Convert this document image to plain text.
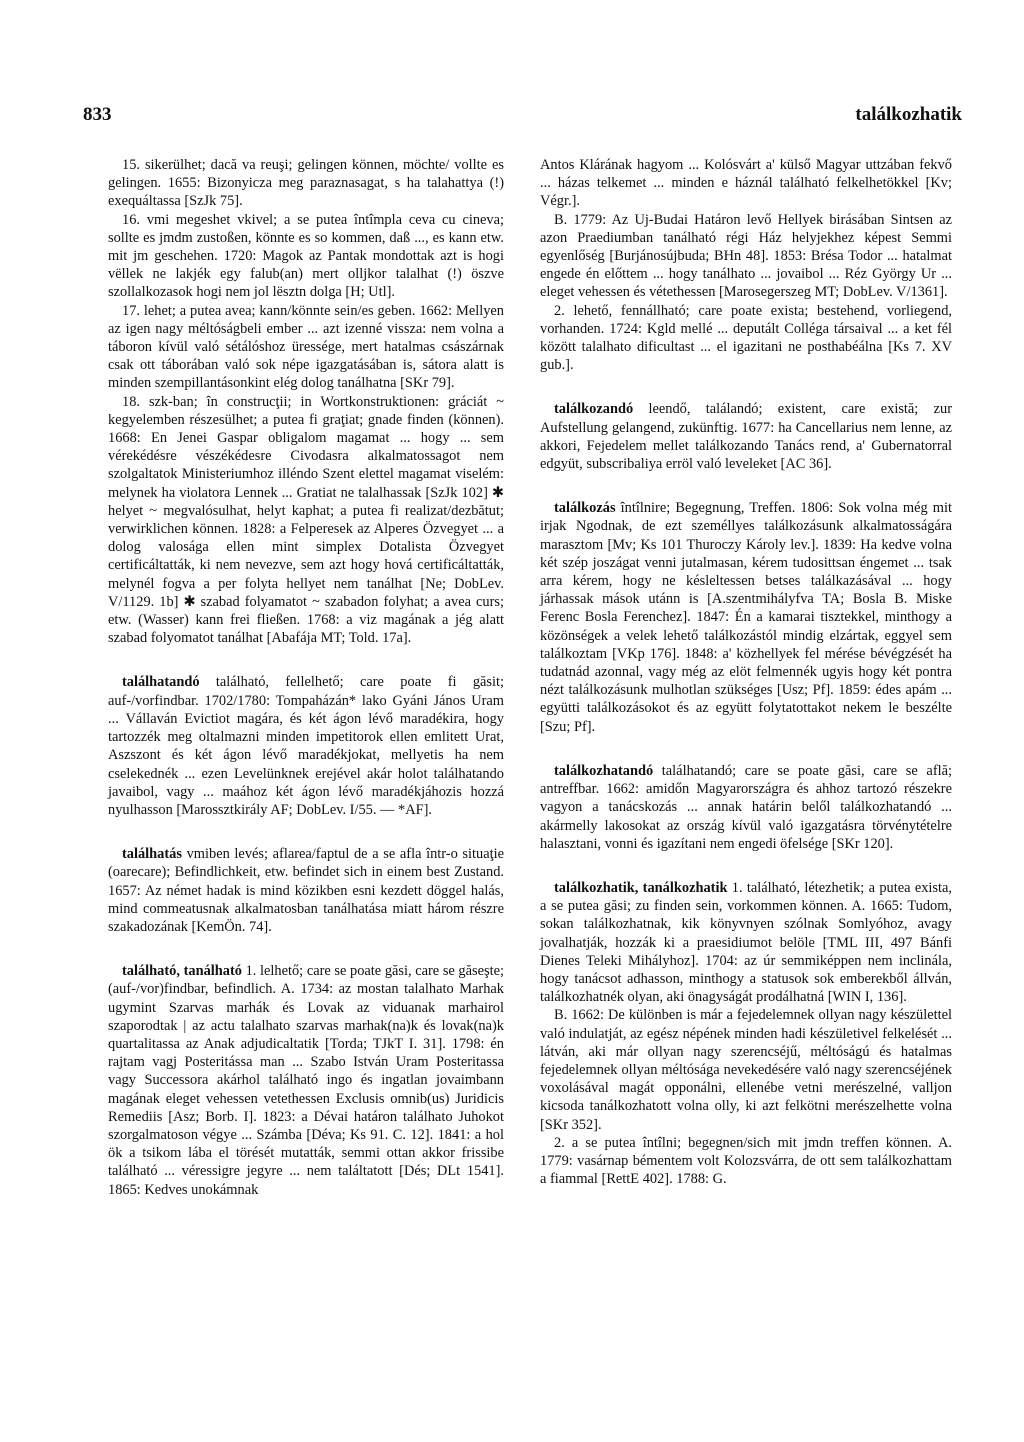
833	találkozhatik

15. sikerülhet; dacă va reuşi; gelingen können, möchte/ vollte es gelingen. 1655: Bizonyicza meg paraznasagat, s ha talahattya (!) exequáltassa [SzJk 75].

16. vmi megeshet vkivel; a se putea întîmpla ceva cu cineva; sollte es jmdm zustoßen, könnte es so kommen, daß ..., es kann etw. mit jm geschehen. 1720: Magok az Pantak mondottak azt is hogi vëllek ne lakjék egy falub(an) mert olljkor talalhat (!) öszve szollalkozasok hogi nem jol lësztn dolga [H; Utl].

17. lehet; a putea avea; kann/könnte sein/es geben. 1662: Mellyen az igen nagy méltóságbeli ember ... azt izenné vissza: nem volna a táboron kívül való sétálóshoz üressége, mert hatalmas császárnak csak ott táborában való sok népe igazgatásában is, sátora alatt is minden szempillantásonkint elég dolog tanálhatna [SKr 79].

18. szk-ban; în construcţii; in Wortkonstruktionen: gráciát ~ kegyelemben részesülhet; a putea fi graţiat; gnade finden (können). 1668: En Jenei Gaspar obligalom magamat ... hogy ... sem vérekédésre vészékédesre Civodasra alkalmatossagot nem szolgaltatok Ministeriumhoz illéndo Szent elettel magamat viselém: melynek ha violatora Lennek ... Gratiat ne talalhassak [SzJk 102] ✱ helyet ~ megvalósulhat, helyt kaphat; a putea fi realizat/dezbătut; verwirklichen können. 1828: a Felperesek az Alperes Özvegyet ... a dolog valosága ellen mint simplex Dotalista Özvegyet certificáltatták, ki nem nevezve, sem azt hogy hová certificáltatták, melynél fogva a per folyta hellyet nem tanálhat [Ne; DobLev. V/1129. 1b] ✱ szabad folyamatot ~ szabadon folyhat; a avea curs; etw. (Wasser) kann frei fließen. 1768: a viz magának a jég alatt szabad folyomatot tanálhat [Abafája MT; Told. 17a].

találhatandó található, fellelhető; care poate fi găsit; auf-/vorfindbar. 1702/1780: Tompaházán* lako Gyáni János Uram ... Vállaván Evictiot magára, és két ágon lévő maradékira, hogy tartozzék meg oltalmazni minden impetitorok ellen emlitett Urat, Aszszont és két ágon lévő maradékjokat, mellyetis ha nem cselekednék ... ezen Levelünknek erejével akár holot találhatando javaibol, vagy ... maához két ágon lévő maradékjáhozis hozzá nyulhasson [Marossztkirály AF; DobLev. I/55. — *AF].

találhatás vmiben levés; aflarea/faptul de a se afla într-o situaţie (oarecare); Befindlichkeit, etw. befindet sich in einem best Zustand. 1657: Az német hadak is mind közikben esni kezdett döggel halás, mind commeatusnak alkalmatosban tanálhatása miatt három részre szakadozának [KemÖn. 74].

található, tanálható 1. lelhető; care se poate găsi, care se găseşte; (auf-/vor)findbar, befindlich. A. 1734: az mostan talalhato Marhak ugymint Szarvas marhák és Lovak az viduanak marhairol szaporodtak | az actu talalhato szarvas marhak(na)k és lovak(na)k quartalitassa az Anak adjudicaltatik [Torda; TJkT I. 31]. 1798: én rajtam vagj Posteritássa man ... Szabo István Uram Posteritassa vagy Successora akárhol található ingo és ingatlan jovaimbann magának eleget vehessen vetethessen Exclusis omnib(us) Juridicis Remediis [Asz; Borb. I]. 1823: a Dévai határon találhato Juhokot szorgalmatoson végye ... Számba [Déva; Ks 91. C. 12]. 1841: a hol ök a tsikom lába el törését mutatták, semmi ottan akkor frissibe található ... véressigre jegyre ... nem találtatott [Dés; DLt 1541]. 1865: Kedves unokámnak

Antos Klárának hagyom ... Kolósvárt a' külső Magyar uttzában fekvő ... házas telkemet ... minden e háznál található felkelhetökkel [Kv; Végr.].

B. 1779: Az Uj-Budai Határon levő Hellyek birásában Sintsen az azon Praediumban tanálható régi Ház helyjekhez képest Semmi egyenlőség [Burjánosújbuda; BHn 48]. 1853: Brésa Todor ... hatalmat engede én előttem ... hogy tanálhato ... jovaibol ... Réz György Ur ... eleget vehessen és vétethessen [Marosegerszeg MT; DobLev. V/1361].

2. lehető, fennállható; care poate exista; bestehend, vorliegend, vorhanden. 1724: Kgld mellé ... deputált Colléga társaival ... a ket fél között talalhato dificultast ... el igazitani ne posthabéálna [Ks 7. XV gub.].

találkozandó leendő, találandó; existent, care există; zur Aufstellung gelangend, zukünftig. 1677: ha Cancellarius nem lenne, az akkori, Fejedelem mellet találkozando Tanács rend, a' Gubernatorral edgyüt, subscribaliya erröl való leveleket [AC 36].

találkozás întîlnire; Begegnung, Treffen. 1806: Sok volna még mit irjak Ngodnak, de ezt személlyes találkozásunk alkalmatosságára marasztom [Mv; Ks 101 Thuroczy Károly lev.]. 1839: Ha kedve volna két szép joszágat venni jutalmasan, kérem tudosittsan éngemet ... tsak arra kérem, hogy ne késleltessen betses találkazásával ... hogy járhassak mások utánn is [A.szentmihályfva TA; Bosla B. Miske Ferenc Bosla Ferenchez]. 1847: Én a kamarai tisztekkel, minthogy a közönségek a velek lehető találkozástól mindig elzártak, eggyel sem találkoztam [VKp 176]. 1848: a' közhellyek fel mérése bévégzését ha tudatnád azonnal, vagy még az elöt felmennék ugyis hogy két pontra nézt találkozásunk mulhotlan szükséges [Usz; Pf]. 1859: édes apám ... együtti találkozásokot és az együtt folytatottakot nekem le beszélte [Szu; Pf].

találkozhatandó találhatandó; care se poate găsi, care se află; antreffbar. 1662: amidőn Magyarországra és ahhoz tartozó részekre vagyon a tanácskozás ... annak határin belől találkozhatandó ... akármelly lakosokat az ország kívül való igazgatásra törvénytételre halasztani, vonni és igazítani nem engedi öfelsége [SKr 120].

találkozhatik, tanálkozhatik 1. található, létezhetik; a putea exista, a se putea găsi; zu finden sein, vorkommen können. A. 1665: Tudom, sokan találkozhatnak, kik könyvnyen szólnak Somlyóhoz, avagy jovalhatják, hozzák ki a praesidiumot belöle [TML III, 497 Bánfi Dienes Teleki Mihályhoz]. 1704: az úr semmiképpen nem inclinála, hogy tanácsot adhasson, minthogy a statusok sok emberekből állván, találkozhatnék olyan, aki önagyságát prodálhatná [WIN I, 136].

B. 1662: De különben is már a fejedelemnek ollyan nagy készülettel való indulatját, az egész népének minden hadi készületivel felkelését ... látván, aki már ollyan nagy szerencséjű, méltóságú és hatalmas fejedelemnek ollyan méltósága nevekedésére való nagy szerencséjének voxolásával magát opponálni, ellenébe vetni merészelné, valljon kicsoda tanálkozhatott volna olly, ki azt felkötni merészelhette volna [SKr 352].

2. a se putea întîlni; begegnen/sich mit jmdn treffen können. A. 1779: vasárnap bémentem volt Kolozsvárra, de ott sem találkozhattam a fiammal [RettE 402]. 1788: G.
